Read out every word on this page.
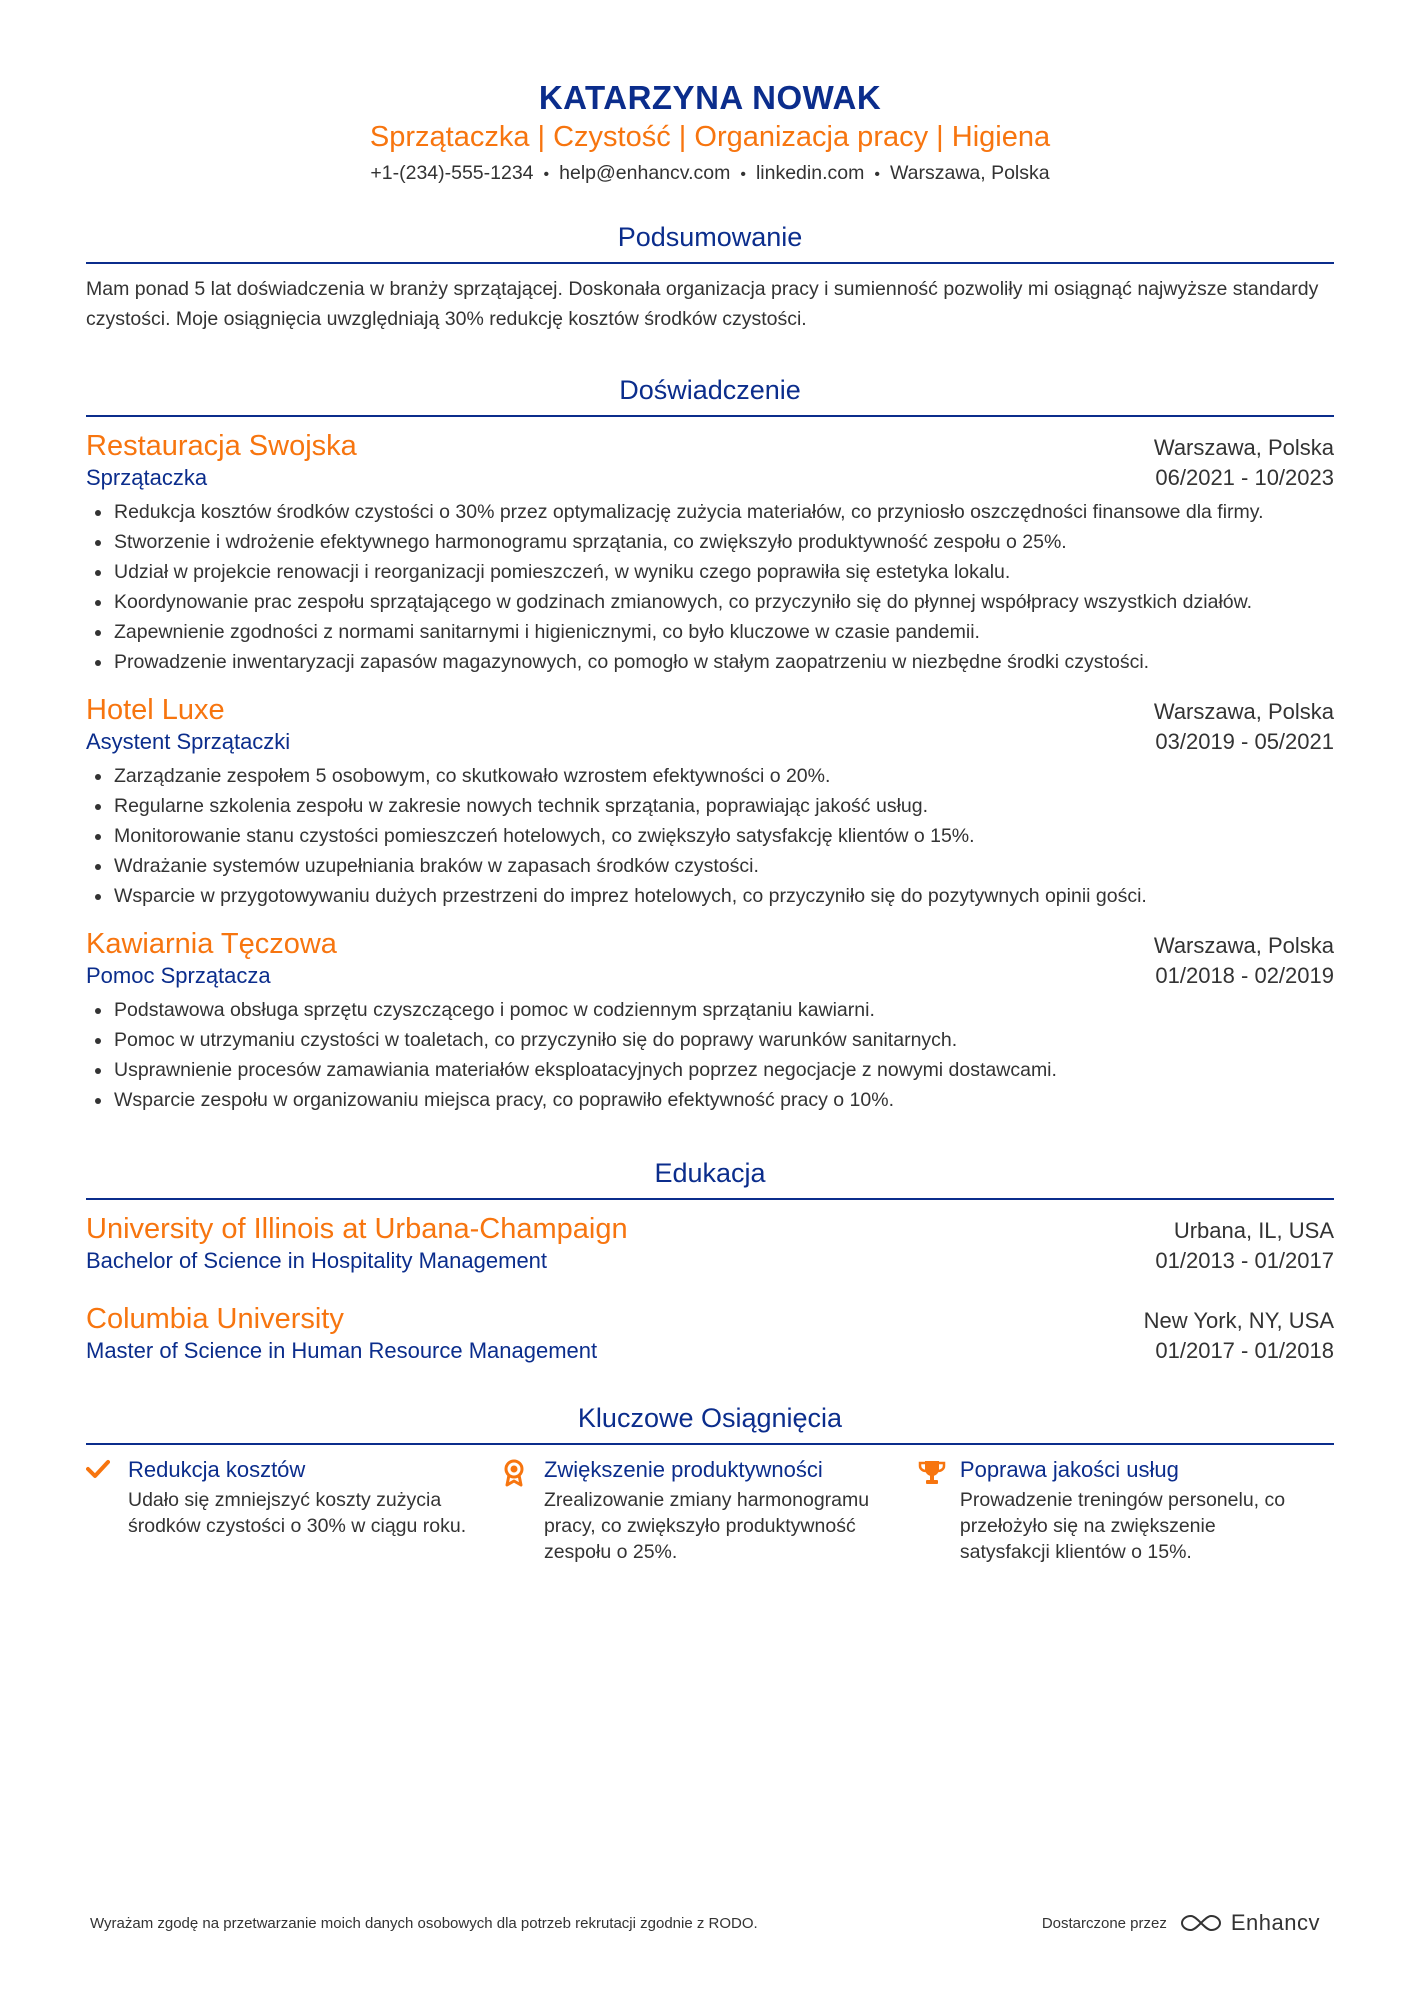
KATARZYNA NOWAK
Sprzątaczka | Czystość | Organizacja pracy | Higiena
+1-(234)-555-1234 • help@enhancv.com • linkedin.com • Warszawa, Polska
Podsumowanie
Mam ponad 5 lat doświadczenia w branży sprzątającej. Doskonała organizacja pracy i sumienność pozwoliły mi osiągnąć najwyższe standardy czystości. Moje osiągnięcia uwzględniają 30% redukcję kosztów środków czystości.
Doświadczenie
Restauracja Swojska	Warszawa, Polska
Sprzątaczka	06/2021 - 10/2023
Redukcja kosztów środków czystości o 30% przez optymalizację zużycia materiałów, co przyniosło oszczędności finansowe dla firmy.
Stworzenie i wdrożenie efektywnego harmonogramu sprzątania, co zwiększyło produktywność zespołu o 25%.
Udział w projekcie renowacji i reorganizacji pomieszczeń, w wyniku czego poprawiła się estetyka lokalu.
Koordynowanie prac zespołu sprzątającego w godzinach zmianowych, co przyczyniło się do płynnej współpracy wszystkich działów.
Zapewnienie zgodności z normami sanitarnymi i higienicznymi, co było kluczowe w czasie pandemii.
Prowadzenie inwentaryzacji zapasów magazynowych, co pomogło w stałym zaopatrzeniu w niezbędne środki czystości.
Hotel Luxe	Warszawa, Polska
Asystent Sprzątaczki	03/2019 - 05/2021
Zarządzanie zespołem 5 osobowym, co skutkowało wzrostem efektywności o 20%.
Regularne szkolenia zespołu w zakresie nowych technik sprzątania, poprawiając jakość usług.
Monitorowanie stanu czystości pomieszczeń hotelowych, co zwiększyło satysfakcję klientów o 15%.
Wdrażanie systemów uzupełniania braków w zapasach środków czystości.
Wsparcie w przygotowywaniu dużych przestrzeni do imprez hotelowych, co przyczyniło się do pozytywnych opinii gości.
Kawiarnia Tęczowa	Warszawa, Polska
Pomoc Sprzątacza	01/2018 - 02/2019
Podstawowa obsługa sprzętu czyszczącego i pomoc w codziennym sprzątaniu kawiarni.
Pomoc w utrzymaniu czystości w toaletach, co przyczyniło się do poprawy warunków sanitarnych.
Usprawnienie procesów zamawiania materiałów eksploatacyjnych poprzez negocjacje z nowymi dostawcami.
Wsparcie zespołu w organizowaniu miejsca pracy, co poprawiło efektywność pracy o 10%.
Edukacja
University of Illinois at Urbana-Champaign	Urbana, IL, USA
Bachelor of Science in Hospitality Management	01/2013 - 01/2017
Columbia University	New York, NY, USA
Master of Science in Human Resource Management	01/2017 - 01/2018
Kluczowe Osiągnięcia
Redukcja kosztów
Udało się zmniejszyć koszty zużycia środków czystości o 30% w ciągu roku.
Zwiększenie produktywności
Zrealizowanie zmiany harmonogramu pracy, co zwiększyło produktywność zespołu o 25%.
Poprawa jakości usług
Prowadzenie treningów personelu, co przełożyło się na zwiększenie satysfakcji klientów o 15%.
Wyrażam zgodę na przetwarzanie moich danych osobowych dla potrzeb rekrutacji zgodnie z RODO.	Dostarczone przez	Enhancv
